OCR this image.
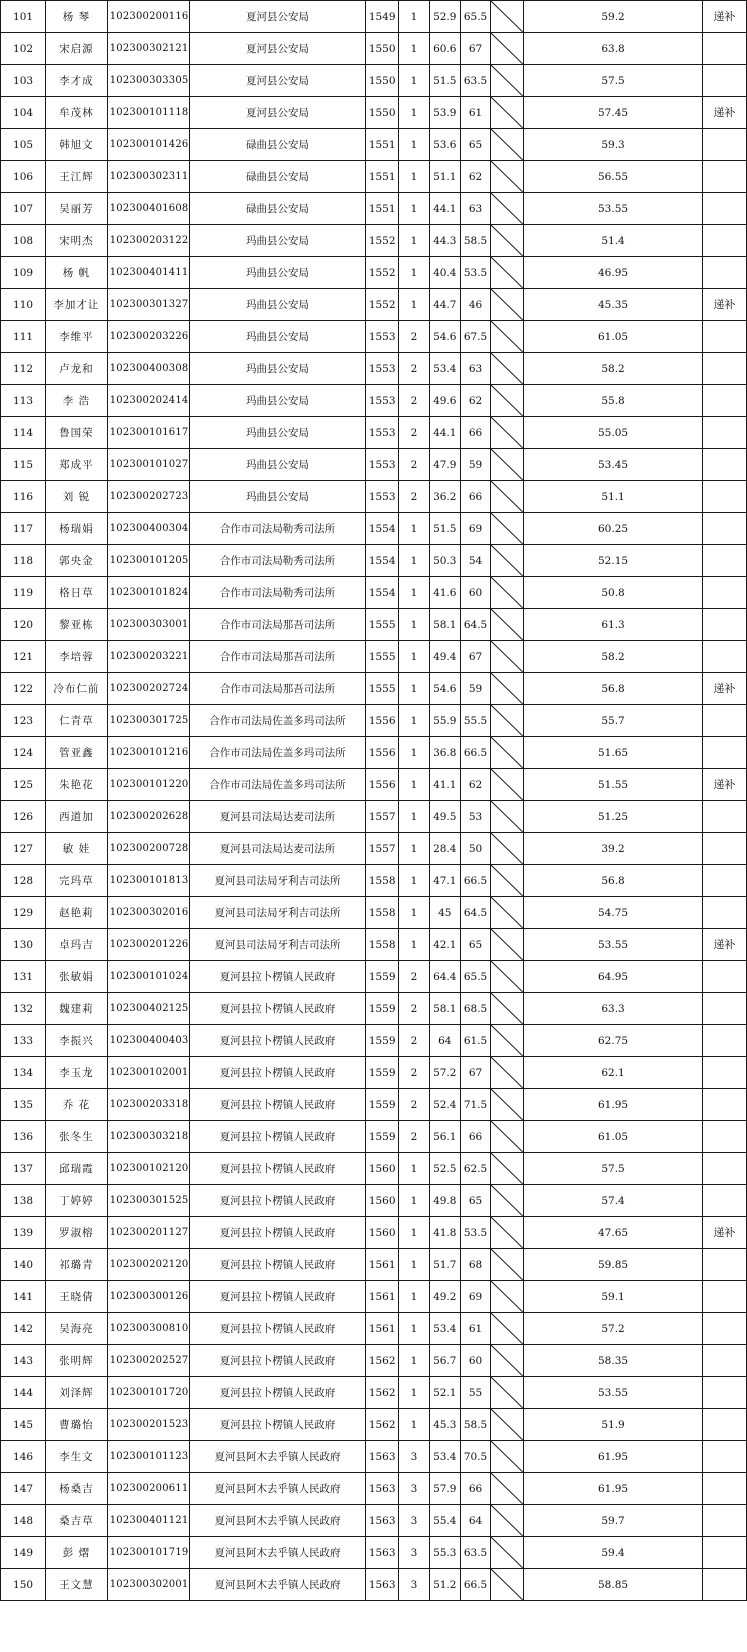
101	杨 琴	102300200116	夏河县公安局	1549	1	52.9	65.5		59.2	递补
102	宋启源	102300302121	夏河县公安局	1550	1	60.6	67		63.8	
103	李才成	102300303305	夏河县公安局	1550	1	51.5	63.5		57.5	
104	牟茂林	102300101118	夏河县公安局	1550	1	53.9	61		57.45	递补
105	韩旭文	102300101426	碌曲县公安局	1551	1	53.6	65		59.3	
106	王江辉	102300302311	碌曲县公安局	1551	1	51.1	62		56.55	
107	吴丽芳	102300401608	碌曲县公安局	1551	1	44.1	63		53.55	
108	宋明杰	102300203122	玛曲县公安局	1552	1	44.3	58.5		51.4	
109	杨 帆	102300401411	玛曲县公安局	1552	1	40.4	53.5		46.95	
110	李加才让	102300301327	玛曲县公安局	1552	1	44.7	46		45.35	递补
111	李维平	102300203226	玛曲县公安局	1553	2	54.6	67.5		61.05	
112	卢龙和	102300400308	玛曲县公安局	1553	2	53.4	63		58.2	
113	李 浩	102300202414	玛曲县公安局	1553	2	49.6	62		55.8	
114	鲁国荣	102300101617	玛曲县公安局	1553	2	44.1	66		55.05	
115	郑成平	102300101027	玛曲县公安局	1553	2	47.9	59		53.45	
116	刘 锐	102300202723	玛曲县公安局	1553	2	36.2	66		51.1	
117	杨瑞娟	102300400304	合作市司法局勒秀司法所	1554	1	51.5	69		60.25	
118	郭央金	102300101205	合作市司法局勒秀司法所	1554	1	50.3	54		52.15	
119	格日草	102300101824	合作市司法局勒秀司法所	1554	1	41.6	60		50.8	
120	黎亚栋	102300303001	合作市司法局那吾司法所	1555	1	58.1	64.5		61.3	
121	李培蓉	102300203221	合作市司法局那吾司法所	1555	1	49.4	67		58.2	
122	冷布仁前	102300202724	合作市司法局那吾司法所	1555	1	54.6	59		56.8	递补
123	仁青草	102300301725	合作市司法局佐盖多玛司法所	1556	1	55.9	55.5		55.7	
124	管亚鑫	102300101216	合作市司法局佐盖多玛司法所	1556	1	36.8	66.5		51.65	
125	朱艳花	102300101220	合作市司法局佐盖多玛司法所	1556	1	41.1	62		51.55	递补
126	西道加	102300202628	夏河县司法局达麦司法所	1557	1	49.5	53		51.25	
127	敏 娃	102300200728	夏河县司法局达麦司法所	1557	1	28.4	50		39.2	
128	完玛草	102300101813	夏河县司法局牙利吉司法所	1558	1	47.1	66.5		56.8	
129	赵艳莉	102300302016	夏河县司法局牙利吉司法所	1558	1	45	64.5		54.75	
130	卓玛吉	102300201226	夏河县司法局牙利吉司法所	1558	1	42.1	65		53.55	递补
131	张敏娟	102300101024	夏河县拉卜楞镇人民政府	1559	2	64.4	65.5		64.95	
132	魏建莉	102300402125	夏河县拉卜楞镇人民政府	1559	2	58.1	68.5		63.3	
133	李振兴	102300400403	夏河县拉卜楞镇人民政府	1559	2	64	61.5		62.75	
134	李玉龙	102300102001	夏河县拉卜楞镇人民政府	1559	2	57.2	67		62.1	
135	乔 花	102300203318	夏河县拉卜楞镇人民政府	1559	2	52.4	71.5		61.95	
136	张冬生	102300303218	夏河县拉卜楞镇人民政府	1559	2	56.1	66		61.05	
137	邱瑞霞	102300102120	夏河县拉卜楞镇人民政府	1560	1	52.5	62.5		57.5	
138	丁婷婷	102300301525	夏河县拉卜楞镇人民政府	1560	1	49.8	65		57.4	
139	罗淑榕	102300201127	夏河县拉卜楞镇人民政府	1560	1	41.8	53.5		47.65	递补
140	祁璐青	102300202120	夏河县拉卜楞镇人民政府	1561	1	51.7	68		59.85	
141	王晓倩	102300300126	夏河县拉卜楞镇人民政府	1561	1	49.2	69		59.1	
142	吴海亮	102300300810	夏河县拉卜楞镇人民政府	1561	1	53.4	61		57.2	
143	张明辉	102300202527	夏河县拉卜楞镇人民政府	1562	1	56.7	60		58.35	
144	刘泽辉	102300101720	夏河县拉卜楞镇人民政府	1562	1	52.1	55		53.55	
145	曹璐怡	102300201523	夏河县拉卜楞镇人民政府	1562	1	45.3	58.5		51.9	
146	李生文	102300101123	夏河县阿木去乎镇人民政府	1563	3	53.4	70.5		61.95	
147	杨桑吉	102300200611	夏河县阿木去乎镇人民政府	1563	3	57.9	66		61.95	
148	桑吉草	102300401121	夏河县阿木去乎镇人民政府	1563	3	55.4	64		59.7	
149	彭 熠	102300101719	夏河县阿木去乎镇人民政府	1563	3	55.3	63.5		59.4	
150	王文慧	102300302001	夏河县阿木去乎镇人民政府	1563	3	51.2	66.5		58.85	
